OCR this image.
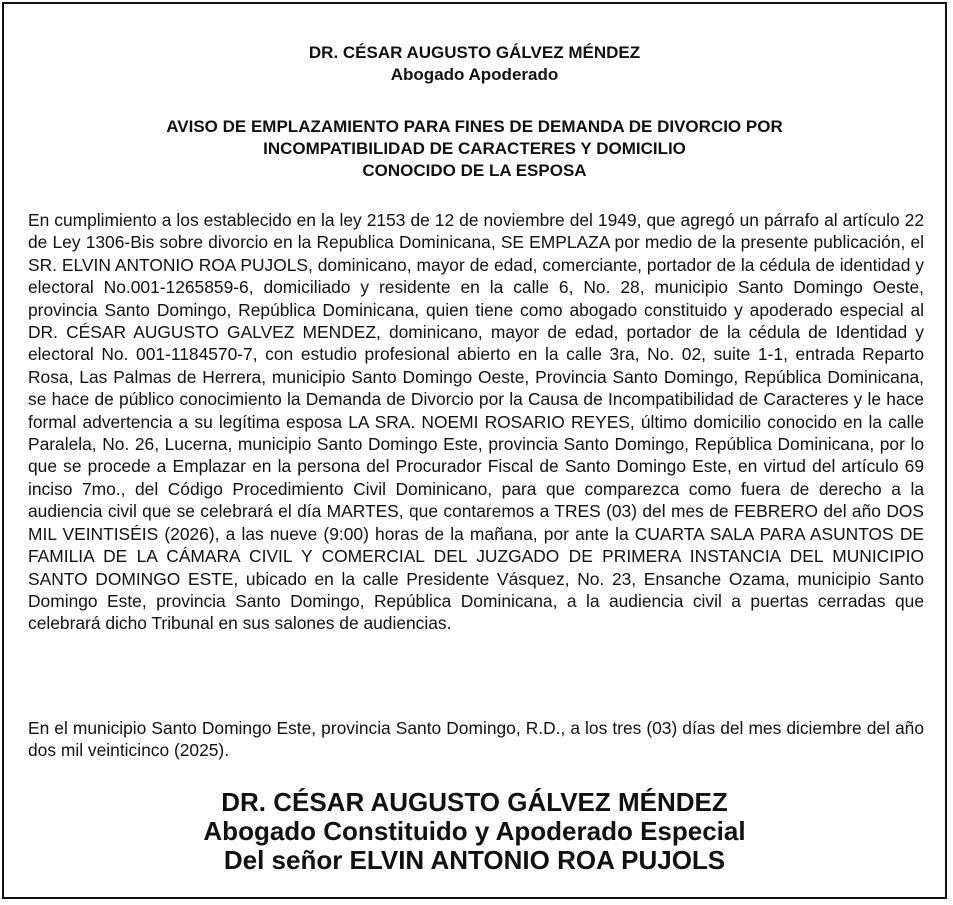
DR. CÉSAR AUGUSTO GÁLVEZ MÉNDEZ
Abogado Apoderado
AVISO DE EMPLAZAMIENTO PARA FINES DE DEMANDA DE DIVORCIO POR
INCOMPATIBILIDAD DE CARACTERES Y DOMICILIO
CONOCIDO DE LA ESPOSA

En cumplimiento a los establecido en la ley 2153 de 12 de noviembre del 1949, que agregó un párrafo al artículo 22 de Ley 1306-Bis sobre divorcio en la Republica Dominicana, SE EMPLAZA por medio de la presente publicación, el SR. ELVIN ANTONIO ROA PUJOLS, dominicano, mayor de edad, comerciante, portador de la cédula de identidad y electoral No.001-1265859-6, domiciliado y residente en la calle 6, No. 28, municipio Santo Domingo Oeste, provincia Santo Domingo, República Dominicana, quien tiene como abogado constituido y apoderado especial al DR. CÉSAR AUGUSTO GALVEZ MENDEZ, dominicano, mayor de edad, portador de la cédula de Identidad y electoral No. 001-1184570-7, con estudio profesional abierto en la calle 3ra, No. 02, suite 1-1, entrada Reparto Rosa, Las Palmas de Herrera, municipio Santo Domingo Oeste, Provincia Santo Domingo, República Dominicana, se hace de público conocimiento la Demanda de Divorcio por la Causa de Incompatibilidad de Caracteres y le hace formal advertencia a su legítima esposa LA SRA. NOEMI ROSARIO REYES, último domicilio conocido en la calle Paralela, No. 26, Lucerna, municipio Santo Domingo Este, provincia Santo Domingo, República Dominicana, por lo que se procede a Emplazar en la persona del Procurador Fiscal de Santo Domingo Este, en virtud del artículo 69 inciso 7mo., del Código Procedimiento Civil Dominicano, para que comparezca como fuera de derecho a la audiencia civil que se celebrará el día MARTES, que contaremos a TRES (03) del mes de FEBRERO del año DOS MIL VEINTISÉIS (2026), a las nueve (9:00) horas de la mañana, por ante la CUARTA SALA PARA ASUNTOS DE FAMILIA DE LA CÁMARA CIVIL Y COMERCIAL DEL JUZGADO DE PRIMERA INSTANCIA DEL MUNICIPIO SANTO DOMINGO ESTE, ubicado en la calle Presidente Vásquez, No. 23, Ensanche Ozama, municipio Santo Domingo Este, provincia Santo Domingo, República Dominicana, a la audiencia civil a puertas cerradas que celebrará dicho Tribunal en sus salones de audiencias.

En el municipio Santo Domingo Este, provincia Santo Domingo, R.D., a los tres (03) días del mes diciembre del año dos mil veinticinco (2025).

DR. CÉSAR AUGUSTO GÁLVEZ MÉNDEZ
Abogado Constituido y Apoderado Especial
Del señor ELVIN ANTONIO ROA PUJOLS
